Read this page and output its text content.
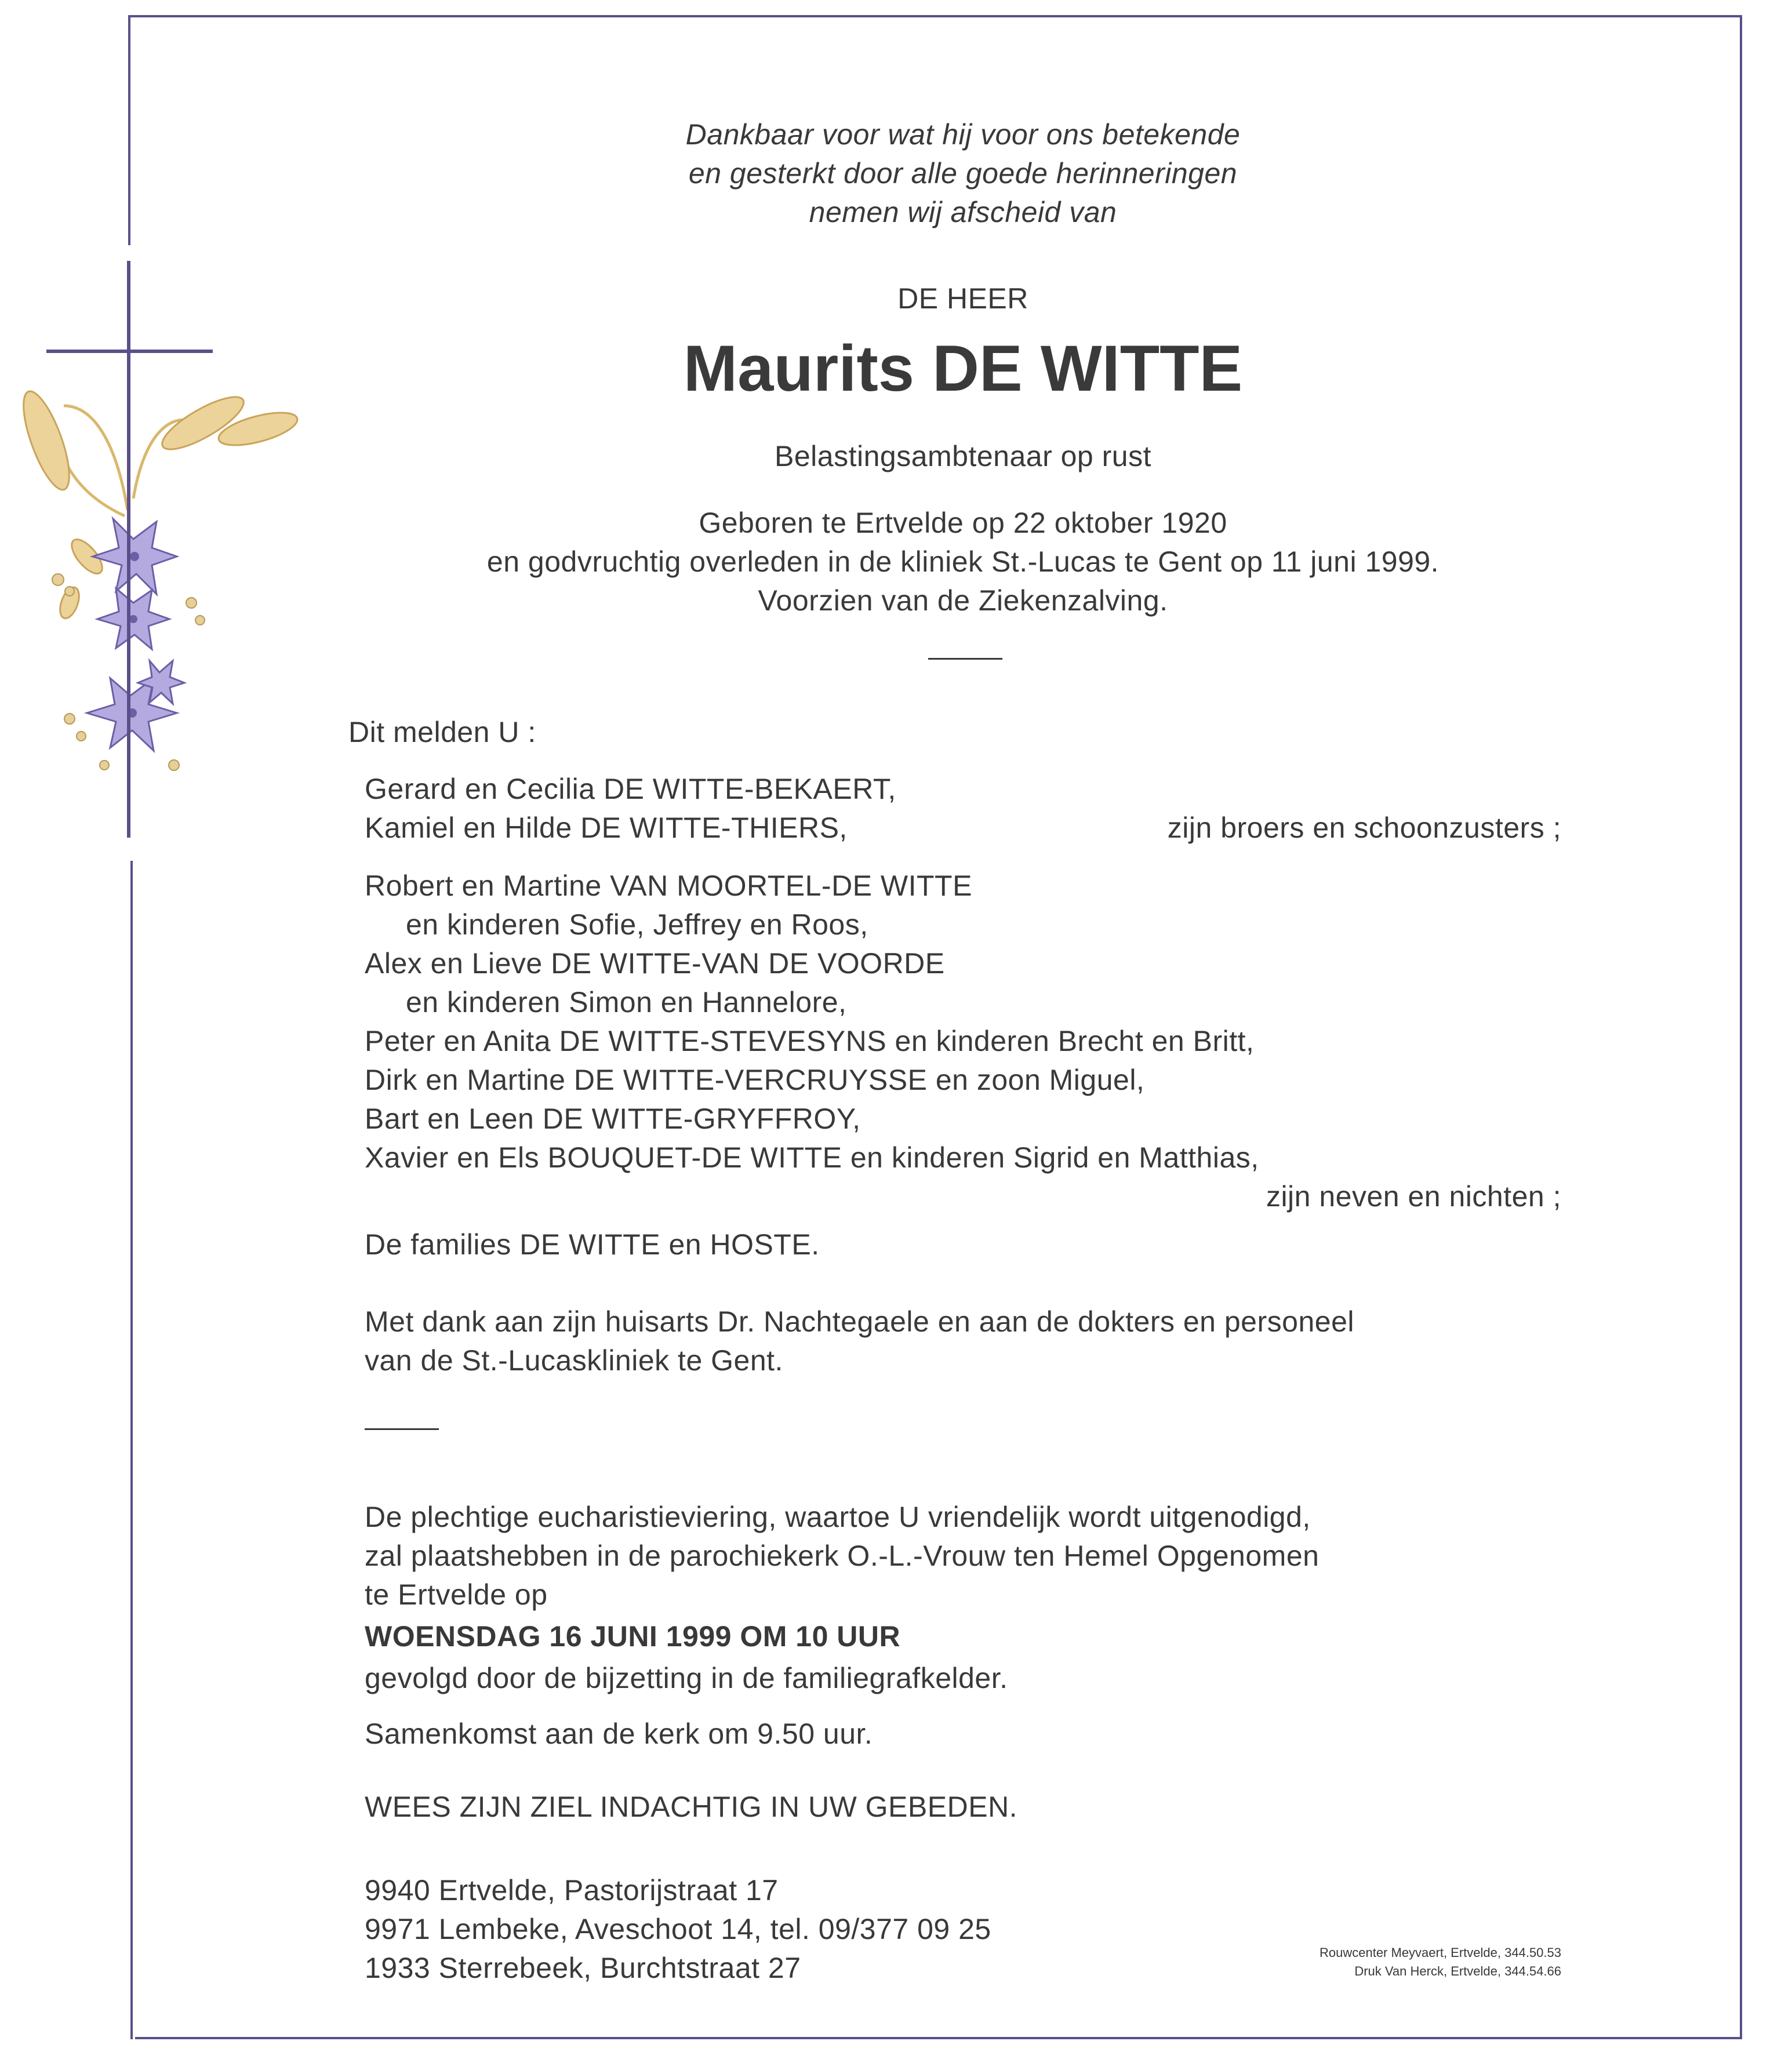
Dankbaar voor wat hij voor ons betekende
en gesterkt door alle goede herinneringen
nemen wij afscheid van
DE HEER
Maurits DE WITTE
Belastingsambtenaar op rust
Geboren te Ertvelde op 22 oktober 1920
en godvruchtig overleden in de kliniek St.-Lucas te Gent op 11 juni 1999.
Voorzien van de Ziekenzalving.
Dit melden U :
Gerard en Cecilia DE WITTE-BEKAERT,
Kamiel en Hilde DE WITTE-THIERS,	zijn broers en schoonzusters ;
Robert en Martine VAN MOORTEL-DE WITTE
en kinderen Sofie, Jeffrey en Roos,
Alex en Lieve DE WITTE-VAN DE VOORDE
en kinderen Simon en Hannelore,
Peter en Anita DE WITTE-STEVESYNS en kinderen Brecht en Britt,
Dirk en Martine DE WITTE-VERCRUYSSE en zoon Miguel,
Bart en Leen DE WITTE-GRYFFROY,
Xavier en Els BOUQUET-DE WITTE en kinderen Sigrid en Matthias,
zijn neven en nichten ;
De families DE WITTE en HOSTE.
Met dank aan zijn huisarts Dr. Nachtegaele en aan de dokters en personeel
van de St.-Lucaskliniek te Gent.
De plechtige eucharistieviering, waartoe U vriendelijk wordt uitgenodigd,
zal plaatshebben in de parochiekerk O.-L.-Vrouw ten Hemel Opgenomen
te Ertvelde op
WOENSDAG 16 JUNI 1999 OM 10 UUR
gevolgd door de bijzetting in de familiegrafkelder.
Samenkomst aan de kerk om 9.50 uur.
WEES ZIJN ZIEL INDACHTIG IN UW GEBEDEN.
9940 Ertvelde, Pastorijstraat 17
9971 Lembeke, Aveschoot 14, tel. 09/377 09 25
1933 Sterrebeek, Burchtstraat 27	Rouwcenter Meyvaert, Ertvelde, 344.50.53
Druk Van Herck, Ertvelde, 344.54.66
